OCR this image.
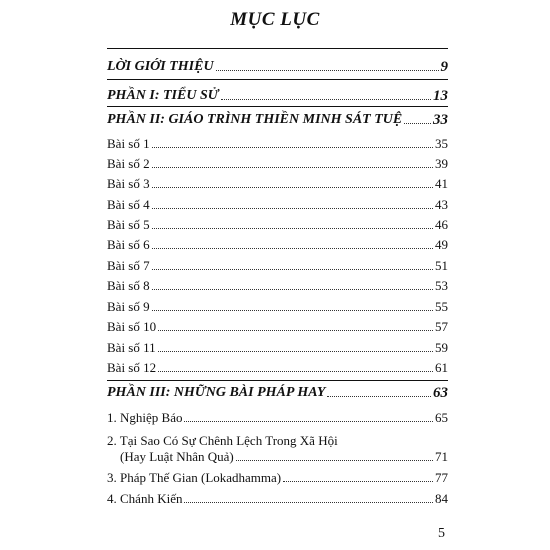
MỤC LỤC
LỜI GIỚI THIỆU	9
PHẦN I: TIỂU SỬ	13
PHẦN II: GIÁO TRÌNH THIỀN MINH SÁT TUỆ 33
Bài số 1	35
Bài số 2	39
Bài số 3	41
Bài số 4	43
Bài số 5	46
Bài số 6	49
Bài số 7	51
Bài số 8	53
Bài số 9	55
Bài số 10	57
Bài số 11	59
Bài số 12	61
PHẦN III: NHỮNG BÀI PHÁP HAY	63
1. Nghiệp Báo	65
2. Tại Sao Có Sự Chênh Lệch Trong Xã Hội
(Hay Luật Nhân Quả)	71
3. Pháp Thế Gian (Lokadhamma)	77
4. Chánh Kiến	84
5
